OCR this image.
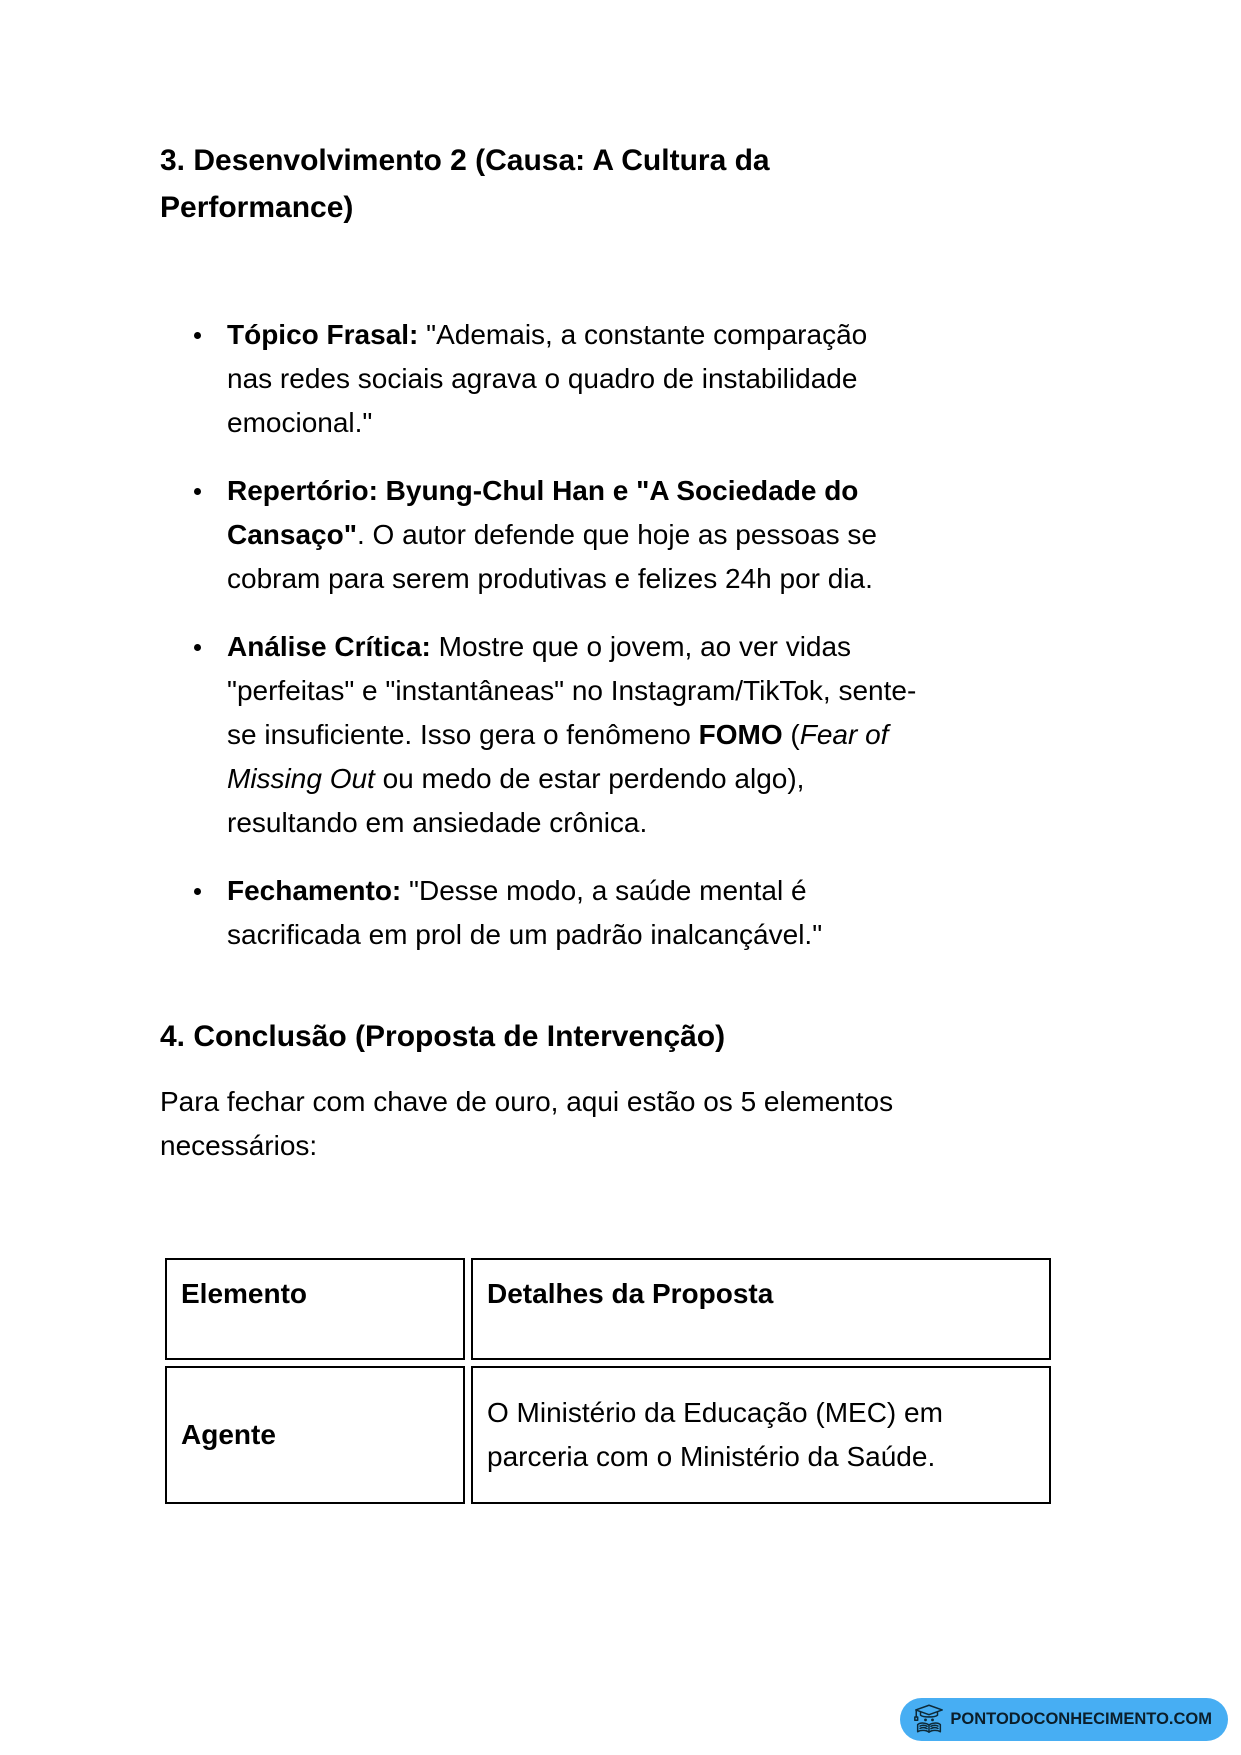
3. Desenvolvimento 2 (Causa: A Cultura da Performance)
Tópico Frasal: "Ademais, a constante comparação nas redes sociais agrava o quadro de instabilidade emocional."
Repertório: Byung-Chul Han e "A Sociedade do Cansaço". O autor defende que hoje as pessoas se cobram para serem produtivas e felizes 24h por dia.
Análise Crítica: Mostre que o jovem, ao ver vidas "perfeitas" e "instantâneas" no Instagram/TikTok, sente-se insuficiente. Isso gera o fenômeno FOMO (Fear of Missing Out ou medo de estar perdendo algo), resultando em ansiedade crônica.
Fechamento: "Desse modo, a saúde mental é sacrificada em prol de um padrão inalcançável."
4. Conclusão (Proposta de Intervenção)

Para fechar com chave de ouro, aqui estão os 5 elementos necessários:

Elemento	Detalhes da Proposta
Agente	O Ministério da Educação (MEC) em parceria com o Ministério da Saúde.
PONTODOCONHECIMENTO.COM
